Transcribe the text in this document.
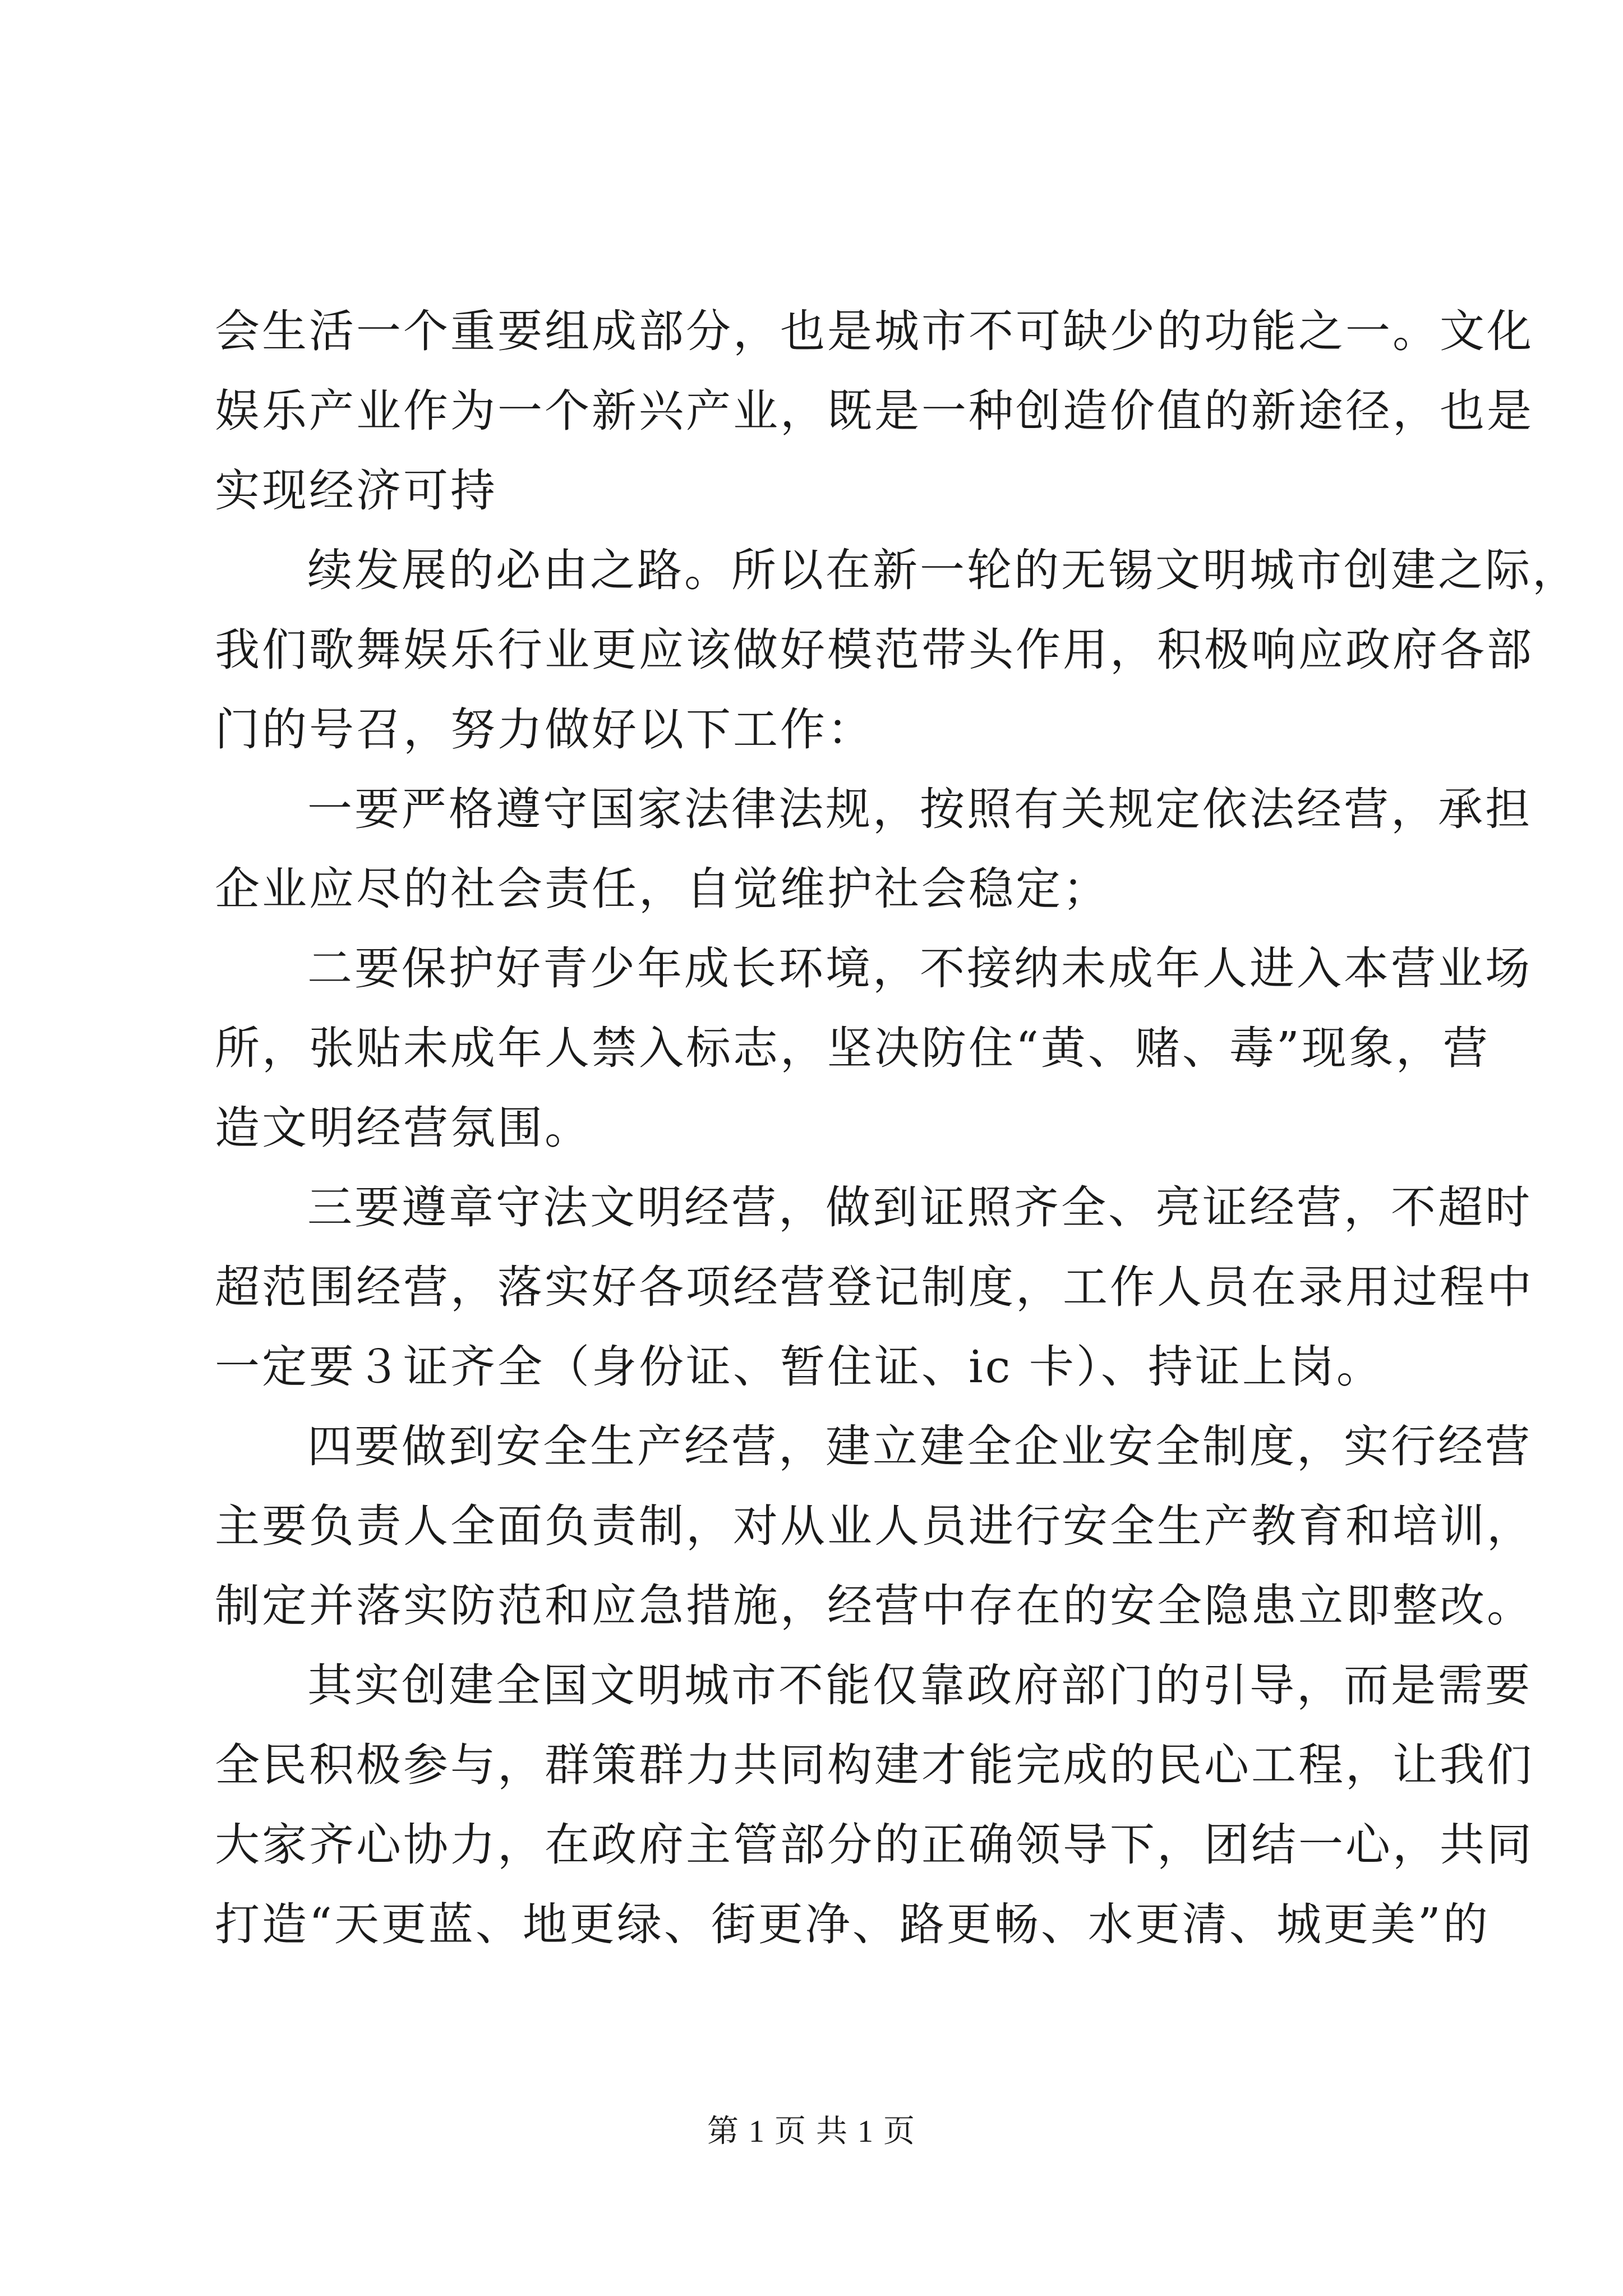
会生活一个重要组成部分，也是城市不可缺少的功能之一。文化
娱乐产业作为一个新兴产业，既是一种创造价值的新途径，也是
实现经济可持

续发展的必由之路。所以在新一轮的无锡文明城市创建之际，
我们歌舞娱乐行业更应该做好模范带头作用，积极响应政府各部
门的号召，努力做好以下工作：

一要严格遵守国家法律法规，按照有关规定依法经营，承担
企业应尽的社会责任，自觉维护社会稳定；

二要保护好青少年成长环境，不接纳未成年人进入本营业场
所，张贴未成年人禁入标志，坚决防住“黄、赌、毒”现象，营
造文明经营氛围。

三要遵章守法文明经营，做到证照齐全、亮证经营，不超时
超范围经营，落实好各项经营登记制度，工作人员在录用过程中
一定要３证齐全（身份证、暂住证、ic 卡）、持证上岗。

四要做到安全生产经营，建立建全企业安全制度，实行经营
主要负责人全面负责制，对从业人员进行安全生产教育和培训，
制定并落实防范和应急措施，经营中存在的安全隐患立即整改。

其实创建全国文明城市不能仅靠政府部门的引导，而是需要
全民积极参与，群策群力共同构建才能完成的民心工程，让我们
大家齐心协力，在政府主管部分的正确领导下，团结一心，共同
打造“天更蓝、地更绿、街更净、路更畅、水更清、城更美”的

第 1 页 共 1 页
